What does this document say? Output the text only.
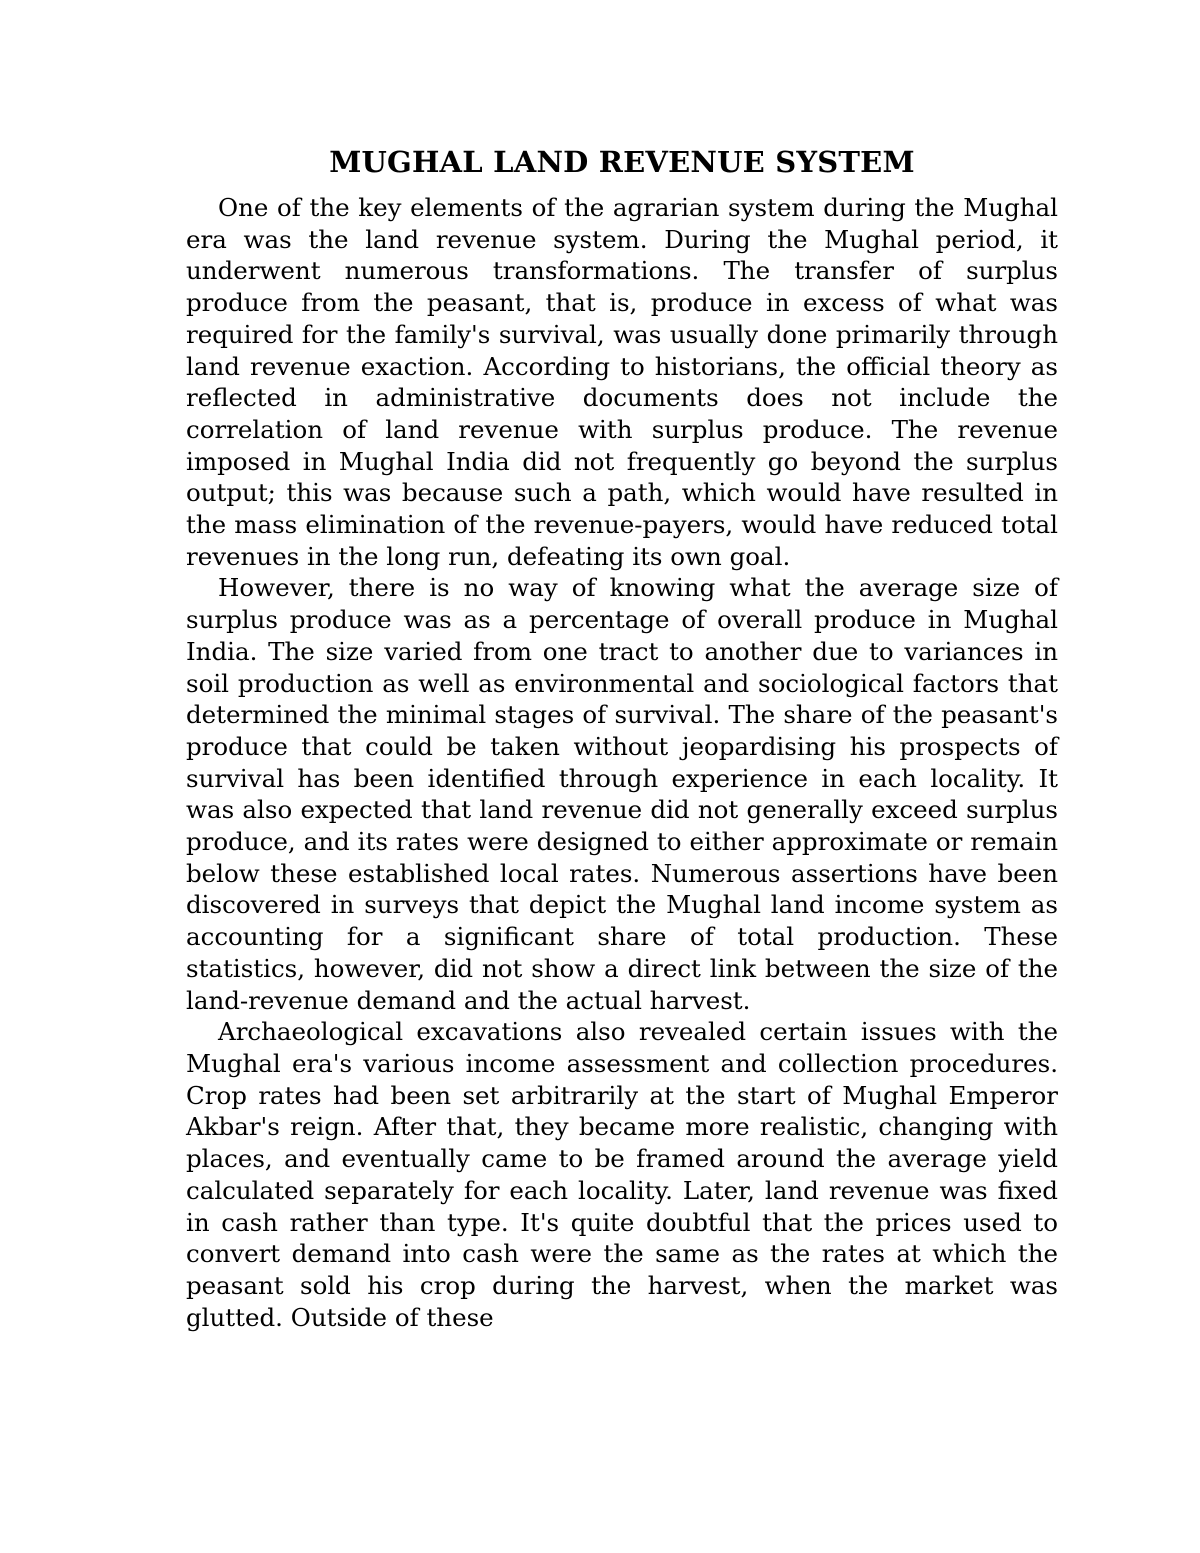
MUGHAL LAND REVENUE SYSTEM

One of the key elements of the agrarian system during the Mughal era was the land revenue system. During the Mughal period, it underwent numerous transformations. The transfer of surplus produce from the peasant, that is, produce in excess of what was required for the family's survival, was usually done primarily through land revenue exaction. According to historians, the official theory as reflected in administrative documents does not include the correlation of land revenue with surplus produce. The revenue imposed in Mughal India did not frequently go beyond the surplus output; this was because such a path, which would have resulted in the mass elimination of the revenue-payers, would have reduced total revenues in the long run, defeating its own goal.

However, there is no way of knowing what the average size of surplus produce was as a percentage of overall produce in Mughal India. The size varied from one tract to another due to variances in soil production as well as environmental and sociological factors that determined the minimal stages of survival. The share of the peasant's produce that could be taken without jeopardising his prospects of survival has been identified through experience in each locality. It was also expected that land revenue did not generally exceed surplus produce, and its rates were designed to either approximate or remain below these established local rates. Numerous assertions have been discovered in surveys that depict the Mughal land income system as accounting for a significant share of total production. These statistics, however, did not show a direct link between the size of the land-revenue demand and the actual harvest.

Archaeological excavations also revealed certain issues with the Mughal era's various income assessment and collection procedures. Crop rates had been set arbitrarily at the start of Mughal Emperor Akbar's reign. After that, they became more realistic, changing with places, and eventually came to be framed around the average yield calculated separately for each locality. Later, land revenue was fixed in cash rather than type. It's quite doubtful that the prices used to convert demand into cash were the same as the rates at which the peasant sold his crop during the harvest, when the market was glutted. Outside of these
